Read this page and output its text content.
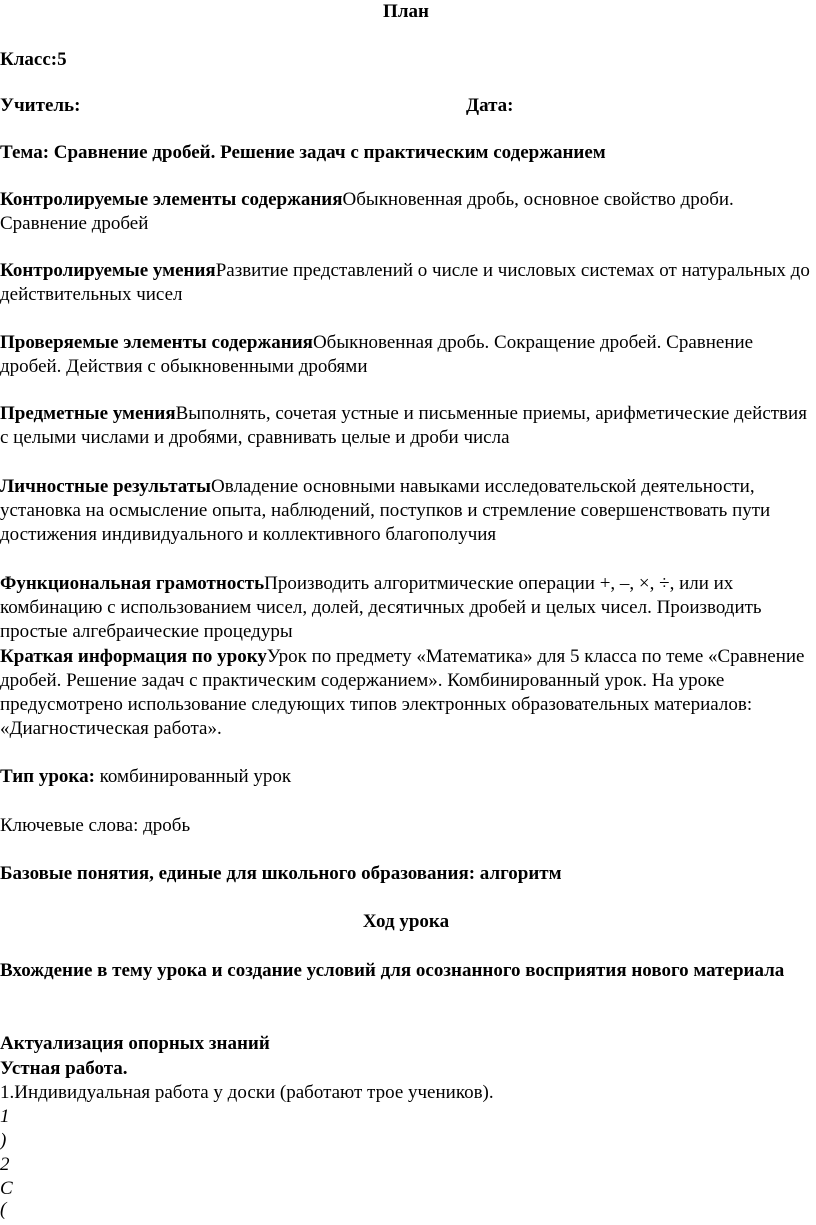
План
Класс:5
Учитель:	Дата:
Тема: Сравнение дробей. Решение задач с практическим содержанием
Контролируемые элементы содержанияОбыкновенная дробь, основное свойство дроби. Сравнение дробей
Контролируемые уменияРазвитие представлений о числе и числовых системах от натуральных до действительных чисел
Проверяемые элементы содержанияОбыкновенная дробь. Сокращение дробей. Сравнение дробей. Действия с обыкновенными дробями
Предметные уменияВыполнять, сочетая устные и письменные приемы, арифметические действия с целыми числами и дробями, сравнивать целые и дроби числа
Личностные результатыОвладение основными навыками исследовательской деятельности, установка на осмысление опыта, наблюдений, поступков и стремление совершенствовать пути достижения индивидуального и коллективного благополучия
Функциональная грамотностьПроизводить алгоритмические операции +, –, ×, ÷, или их комбинацию с использованием чисел, долей, десятичных дробей и целых чисел. Производить простые алгебраические процедуры
Краткая информация по урокуУрок по предмету «Математика» для 5 класса по теме «Сравнение дробей. Решение задач с практическим содержанием». Комбинированный урок. На уроке предусмотрено использование следующих типов электронных образовательных материалов: «Диагностическая работа».
Тип урока: комбинированный урок
Ключевые слова: дробь
Базовые понятия, единые для школьного образования: алгоритм
Ход урока
Вхождение в тему урока и создание условий для осознанного восприятия нового материала
Актуализация опорных знаний
Устная работа.
1.Индивидуальная работа у доски (работают трое учеников).
1
)
2
С
(
